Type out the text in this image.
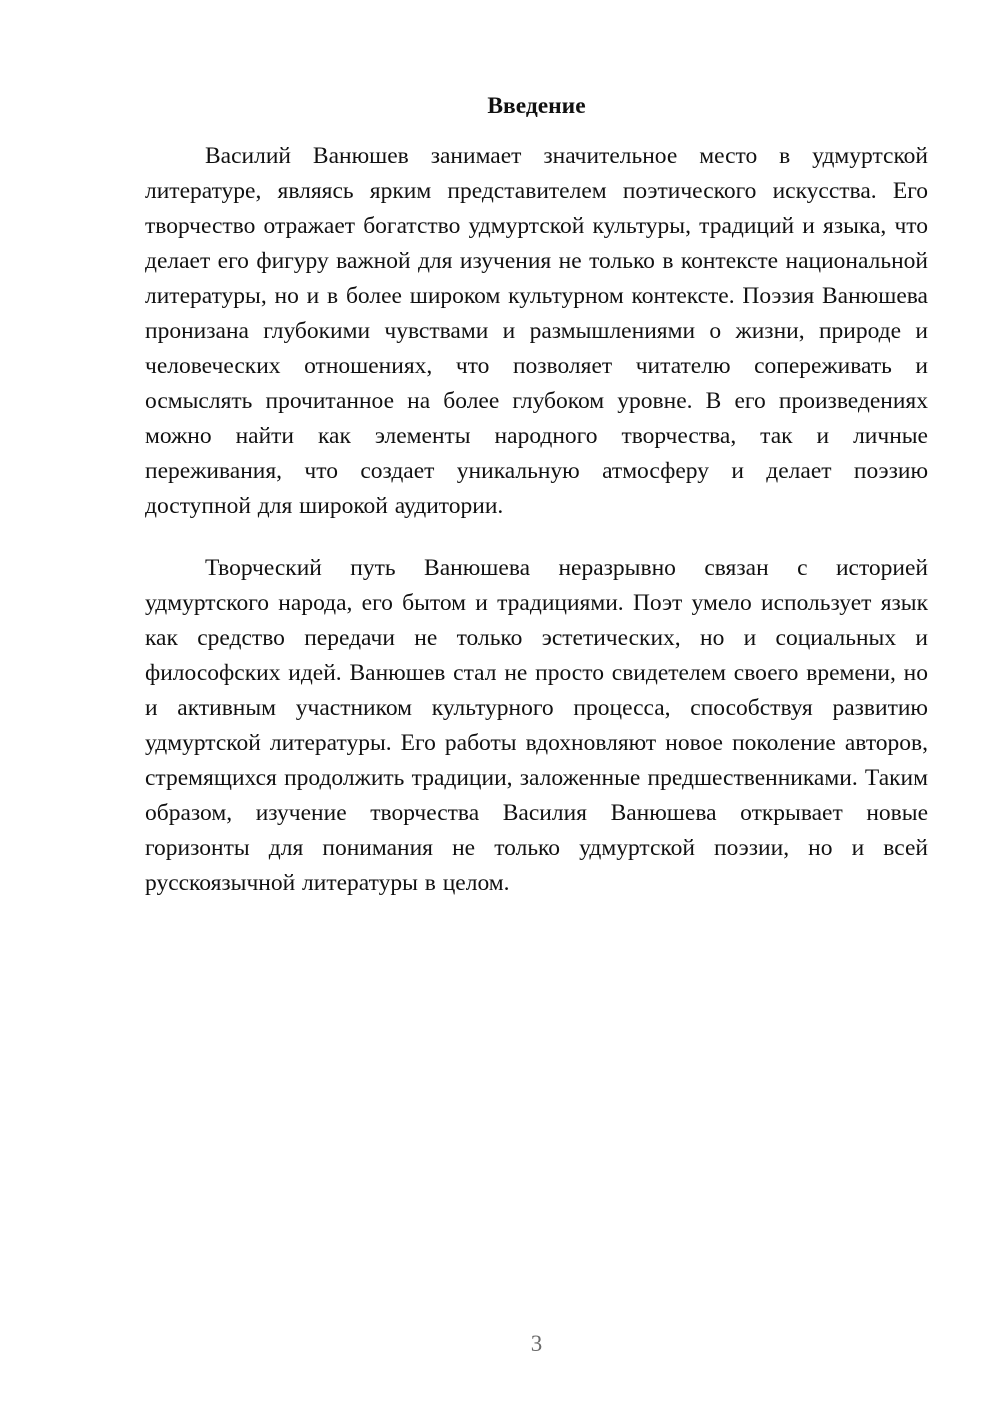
Введение

Василий Ванюшев занимает значительное место в удмуртской литературе, являясь ярким представителем поэтического искусства. Его творчество отражает богатство удмуртской культуры, традиций и языка, что делает его фигуру важной для изучения не только в контексте национальной литературы, но и в более широком культурном контексте. Поэзия Ванюшева пронизана глубокими чувствами и размышлениями о жизни, природе и человеческих отношениях, что позволяет читателю сопереживать и осмыслять прочитанное на более глубоком уровне. В его произведениях можно найти как элементы народного творчества, так и личные переживания, что создает уникальную атмосферу и делает поэзию доступной для широкой аудитории.

Творческий путь Ванюшева неразрывно связан с историей удмуртского народа, его бытом и традициями. Поэт умело использует язык как средство передачи не только эстетических, но и социальных и философских идей. Ванюшев стал не просто свидетелем своего времени, но и активным участником культурного процесса, способствуя развитию удмуртской литературы. Его работы вдохновляют новое поколение авторов, стремящихся продолжить традиции, заложенные предшественниками. Таким образом, изучение творчества Василия Ванюшева открывает новые горизонты для понимания не только удмуртской поэзии, но и всей русскоязычной литературы в целом.

3
